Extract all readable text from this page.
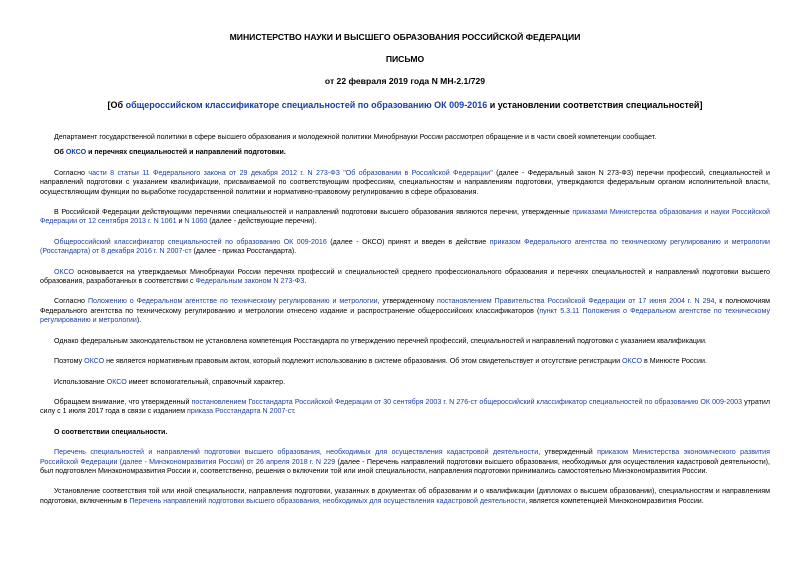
МИНИСТЕРСТВО НАУКИ И ВЫСШЕГО ОБРАЗОВАНИЯ РОССИЙСКОЙ ФЕДЕРАЦИИ
ПИСЬМО
от 22 февраля 2019 года N МН-2.1/729
[Об общероссийском классификаторе специальностей по образованию ОК 009-2016 и установлении соответствия специальностей]
Департамент государственной политики в сфере высшего образования и молодежной политики Минобрнауки России рассмотрел обращение и в части своей компетенции сообщает.
Об ОКСО и перечнях специальностей и направлений подготовки.
Согласно части 8 статьи 11 Федерального закона от 29 декабря 2012 г. N 273-ФЗ "Об образовании в Российской Федерации" (далее - Федеральный закон N 273-ФЗ) перечни профессий, специальностей и направлений подготовки с указанием квалификации, присваиваемой по соответствующим профессиям, специальностям и направлениям подготовки, утверждаются федеральным органом исполнительной власти, осуществляющим функции по выработке государственной политики и нормативно-правовому регулированию в сфере образования.
В Российской Федерации действующими перечнями специальностей и направлений подготовки высшего образования являются перечни, утвержденные приказами Министерства образования и науки Российской Федерации от 12 сентября 2013 г. N 1061 и N 1060 (далее - действующие перечни).
Общероссийский классификатор специальностей по образованию ОК 009-2016 (далее - ОКСО) принят и введен в действие приказом Федерального агентства по техническому регулированию и метрологии (Росстандарта) от 8 декабря 2016 г. N 2007-ст (далее - приказ Росстандарта).
ОКСО основывается на утверждаемых Минобрнауки России перечнях профессий и специальностей среднего профессионального образования и перечнях специальностей и направлений подготовки высшего образования, разработанных в соответствии с Федеральным законом N 273-ФЗ.
Согласно Положению о Федеральном агентстве по техническому регулированию и метрологии, утвержденному постановлением Правительства Российской Федерации от 17 июня 2004 г. N 294, к полномочиям Федерального агентства по техническому регулированию и метрологии отнесено издание и распространение общероссийских классификаторов (пункт 5.3.11 Положения о Федеральном агентстве по техническому регулированию и метрологии).
Однако федеральным законодательством не установлена компетенция Росстандарта по утверждению перечней профессий, специальностей и направлений подготовки с указанием квалификации.
Поэтому ОКСО не является нормативным правовым актом, который подлежит использованию в системе образования. Об этом свидетельствует и отсутствие регистрации ОКСО в Минюсте России.
Использование ОКСО имеет вспомогательный, справочный характер.
Обращаем внимание, что утвержденный постановлением Госстандарта Российской Федерации от 30 сентября 2003 г. N 276-ст общероссийский классификатор специальностей по образованию ОК 009-2003 утратил силу с 1 июля 2017 года в связи с изданием приказа Росстандарта N 2007-ст.
О соответствии специальности.
Перечень специальностей и направлений подготовки высшего образования, необходимых для осуществления кадастровой деятельности, утвержденный приказом Министерства экономического развития Российской Федерации (далее - Минэкономразвития России) от 26 апреля 2018 г. N 229 (далее - Перечень направлений подготовки высшего образования, необходимых для осуществления кадастровой деятельности), был подготовлен Минэкономразвития России и, соответственно, решения о включении той или иной специальности, направления подготовки принимались самостоятельно Минэкономразвития России.
Установление соответствия той или иной специальности, направления подготовки, указанных в документах об образовании и о квалификации (дипломах о высшем образовании), специальностям и направлениям подготовки, включенным в Перечень направлений подготовки высшего образования, необходимых для осуществления кадастровой деятельности, является компетенцией Минэкономразвития России.
